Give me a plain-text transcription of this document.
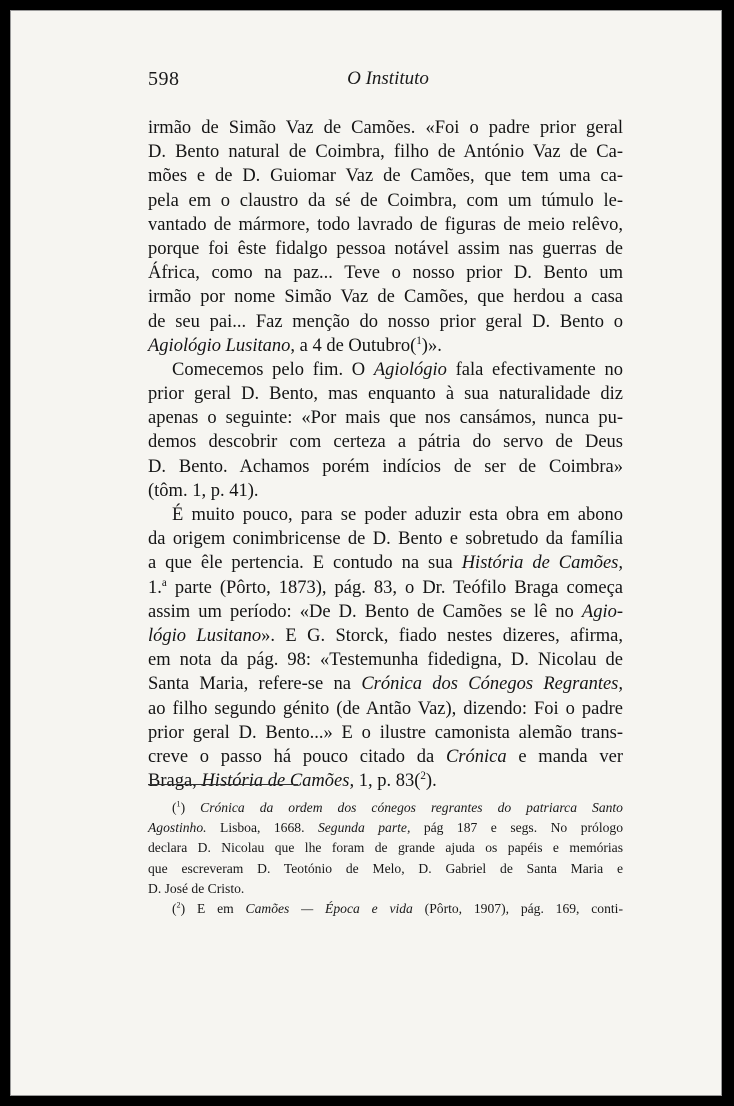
598	O Instituto
irmão de Simão Vaz de Camões. «Foi o padre prior geral
D. Bento natural de Coimbra, filho de António Vaz de Ca-
mões e de D. Guiomar Vaz de Camões, que tem uma ca-
pela em o claustro da sé de Coimbra, com um túmulo le-
vantado de mármore, todo lavrado de figuras de meio relêvo,
porque foi êste fidalgo pessoa notável assim nas guerras de
África, como na paz... Teve o nosso prior D. Bento um
irmão por nome Simão Vaz de Camões, que herdou a casa
de seu pai... Faz menção do nosso prior geral D. Bento o
Agiológio Lusitano, a 4 de Outubro($^1$)».
Comecemos pelo fim. O Agiológio fala efectivamente no
prior geral D. Bento, mas enquanto à sua naturalidade diz
apenas o seguinte: «Por mais que nos cansámos, nunca pu-
demos descobrir com certeza a pátria do servo de Deus
D. Bento. Achamos porém indícios de ser de Coimbra»
(tôm. 1, p. 41).
É muito pouco, para se poder aduzir esta obra em abono
da origem conimbricense de D. Bento e sobretudo da família
a que êle pertencia. E contudo na sua História de Camões,
1.$^a$ parte (Pôrto, 1873), pág. 83, o Dr. Teófilo Braga começa
assim um período: «De D. Bento de Camões se lê no Agio-
lógio Lusitano». E G. Storck, fiado nestes dizeres, afirma,
em nota da pág. 98: «Testemunha fidedigna, D. Nicolau de
Santa Maria, refere-se na Crónica dos Cónegos Regrantes,
ao filho segundo génito (de Antão Vaz), dizendo: Foi o padre
prior geral D. Bento...» E o ilustre camonista alemão trans-
creve o passo há pouco citado da Crónica e manda ver
Braga, História de Camões, 1, p. 83($^2$).
($^1$) Crónica da ordem dos cónegos regrantes do patriarca Santo
Agostinho. Lisboa, 1668. Segunda parte, pág 187 e segs. No prólogo
declara D. Nicolau que lhe foram de grande ajuda os papéis e memórias
que escreveram D. Teotónio de Melo, D. Gabriel de Santa Maria e
D. José de Cristo.
($^2$) E em Camões — Época e vida (Pôrto, 1907), pág. 169, conti-
